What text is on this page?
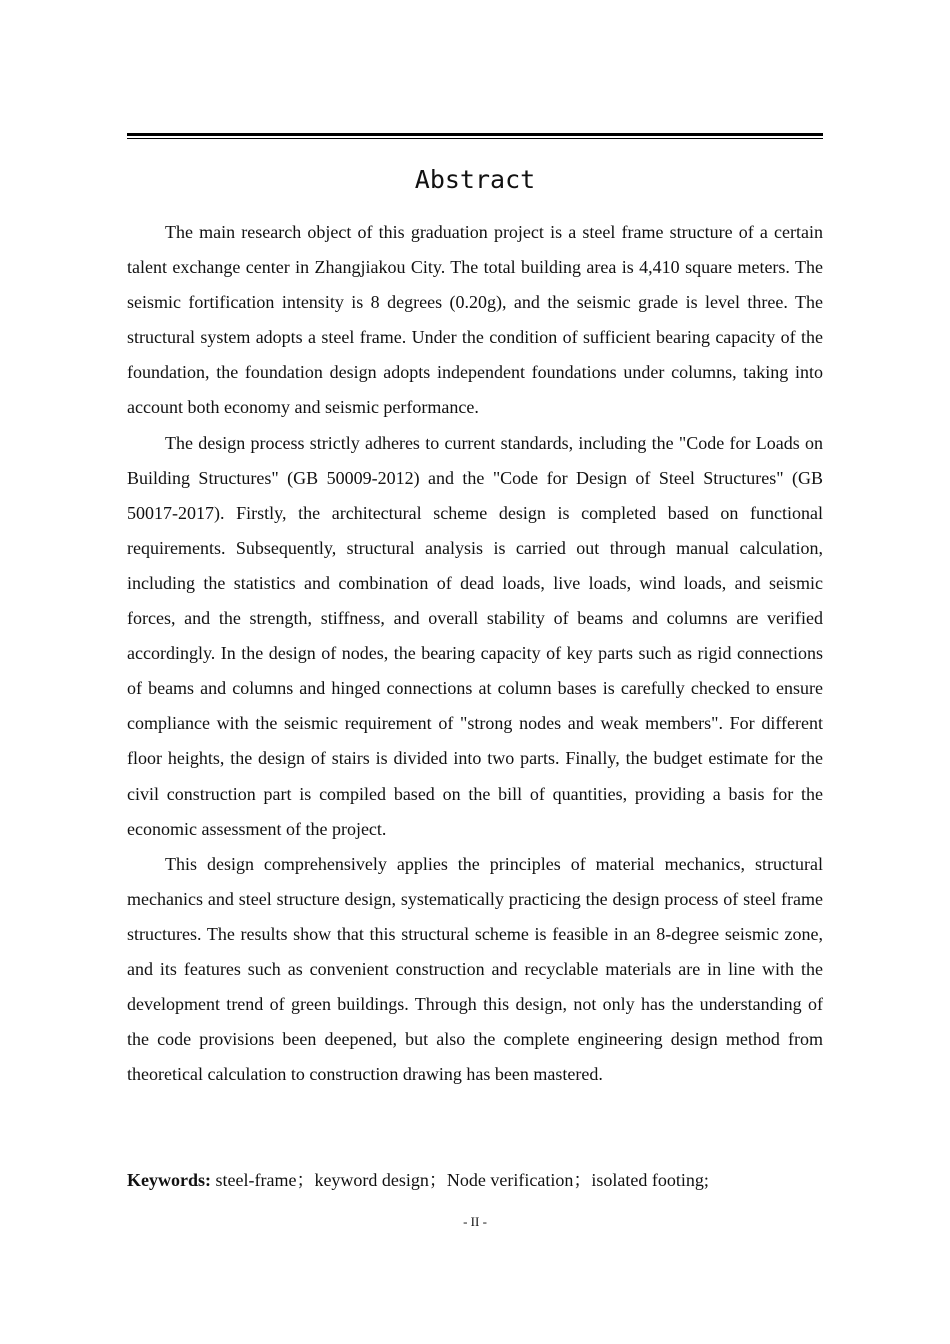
Abstract

The main research object of this graduation project is a steel frame structure of a certain talent exchange center in Zhangjiakou City. The total building area is 4,410 square meters. The seismic fortification intensity is 8 degrees (0.20g), and the seismic grade is level three. The structural system adopts a steel frame. Under the condition of sufficient bearing capacity of the foundation, the foundation design adopts independent foundations under columns, taking into account both economy and seismic performance.

The design process strictly adheres to current standards, including the "Code for Loads on Building Structures" (GB 50009-2012) and the "Code for Design of Steel Structures" (GB 50017-2017). Firstly, the architectural scheme design is completed based on functional requirements. Subsequently, structural analysis is carried out through manual calculation, including the statistics and combination of dead loads, live loads, wind loads, and seismic forces, and the strength, stiffness, and overall stability of beams and columns are verified accordingly. In the design of nodes, the bearing capacity of key parts such as rigid connections of beams and columns and hinged connections at column bases is carefully checked to ensure compliance with the seismic requirement of "strong nodes and weak members". For different floor heights, the design of stairs is divided into two parts. Finally, the budget estimate for the civil construction part is compiled based on the bill of quantities, providing a basis for the economic assessment of the project.

This design comprehensively applies the principles of material mechanics, structural mechanics and steel structure design, systematically practicing the design process of steel frame structures. The results show that this structural scheme is feasible in an 8-degree seismic zone, and its features such as convenient construction and recyclable materials are in line with the development trend of green buildings. Through this design, not only has the understanding of the code provisions been deepened, but also the complete engineering design method from theoretical calculation to construction drawing has been mastered.

Keywords: steel-frame；keyword design；Node verification；isolated footing;

- II -
